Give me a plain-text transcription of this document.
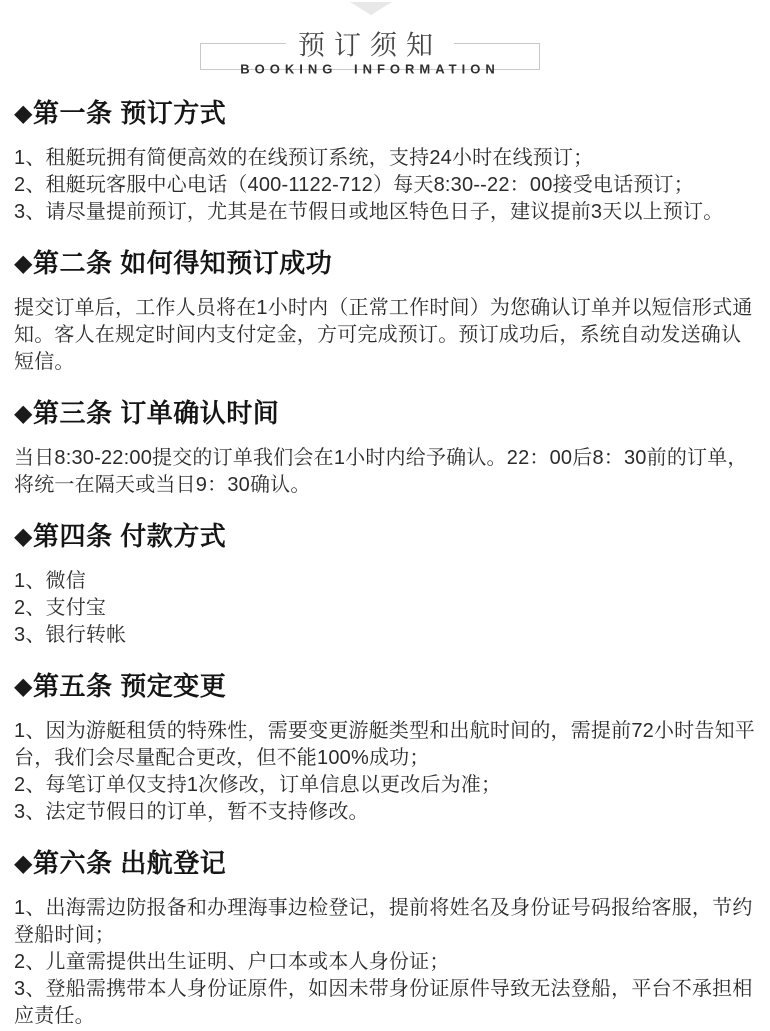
预订须知
BOOKING INFORMATION
◆第一条 预订方式

1、租艇玩拥有简便高效的在线预订系统，支持24小时在线预订；

2、租艇玩客服中心电话（400-1122-712）每天8:30--22：00接受电话预订；

3、请尽量提前预订，尤其是在节假日或地区特色日子，建议提前3天以上预订。

◆第二条 如何得知预订成功

提交订单后，工作人员将在1小时内（正常工作时间）为您确认订单并以短信形式通知。客人在规定时间内支付定金，方可完成预订。预订成功后，系统自动发送确认短信。

◆第三条 订单确认时间

当日8:30-22:00提交的订单我们会在1小时内给予确认。22：00后8：30前的订单，将统一在隔天或当日9：30确认。

◆第四条 付款方式

1、微信

2、支付宝

3、银行转帐

◆第五条 预定变更

1、因为游艇租赁的特殊性，需要变更游艇类型和出航时间的，需提前72小时告知平台，我们会尽量配合更改，但不能100%成功；

2、每笔订单仅支持1次修改，订单信息以更改后为准；

3、法定节假日的订单，暂不支持修改。

◆第六条 出航登记

1、出海需边防报备和办理海事边检登记，提前将姓名及身份证号码报给客服，节约登船时间；

2、儿童需提供出生证明、户口本或本人身份证；

3、登船需携带本人身份证原件，如因未带身份证原件导致无法登船，平台不承担相应责任。
